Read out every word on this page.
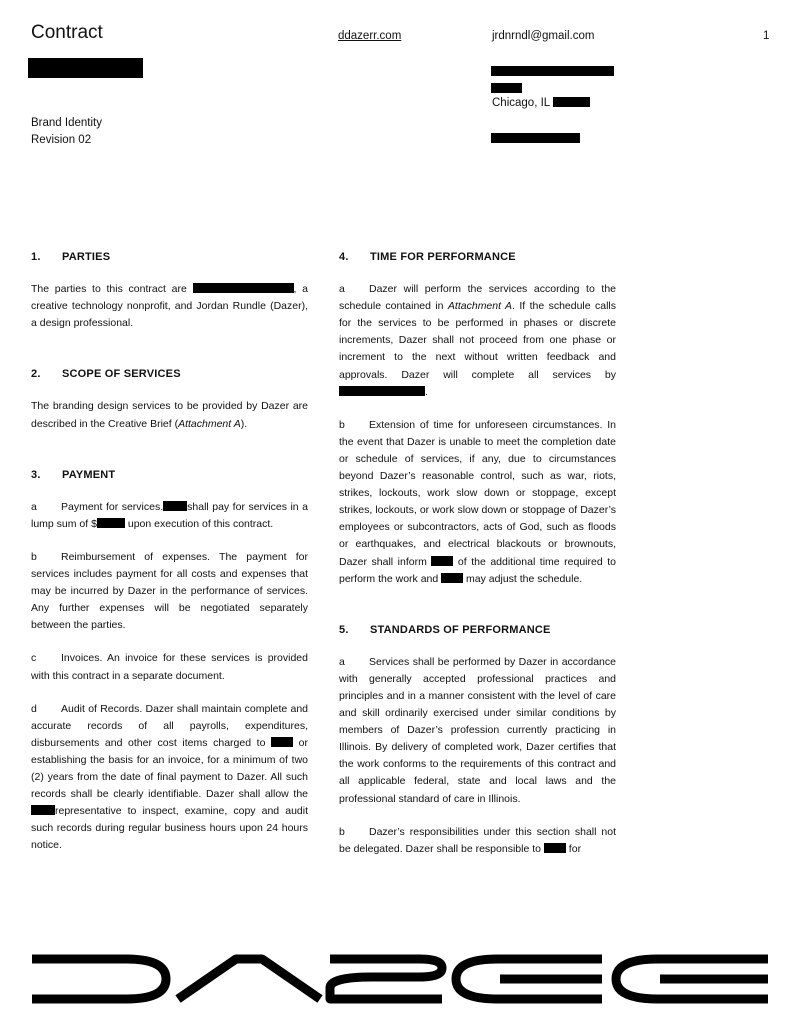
Contract	ddazerr.com	jrdnrndl@gmail.com	1
Chicago, IL
Brand Identity
Revision 02
1. PARTIES

The parties to this contract are	, a creative technology nonprofit, and Jordan Rundle (Dazer), a design professional.

2. SCOPE OF SERVICES

The branding design services to be provided by Dazer are described in the Creative Brief (Attachment A).

3. PAYMENT

a Payment for services. shall pay for services in a lump sum of $	upon execution of this contract.

b Reimbursement of expenses. The payment for services includes payment for all costs and expenses that may be incurred by Dazer in the performance of services. Any further expenses will be negotiated separately between the parties.

c Invoices. An invoice for these services is provided with this contract in a separate document.

d Audit of Records. Dazer shall maintain complete and accurate records of all payrolls, expenditures, disbursements and other cost items charged to	or establishing the basis for an invoice, for a minimum of two (2) years from the date of final payment to Dazer. All such records shall be clearly identifiable. Dazer shall allow the representative to inspect, examine, copy and audit such records during regular business hours upon 24 hours notice.

4. TIME FOR PERFORMANCE

a Dazer will perform the services according to the schedule contained in Attachment A. If the schedule calls for the services to be performed in phases or discrete increments, Dazer shall not proceed from one phase or increment to the next without written feedback and approvals. Dazer will complete all services by .

b Extension of time for unforeseen circumstances. In the event that Dazer is unable to meet the completion date or schedule of services, if any, due to circumstances beyond Dazer’s reasonable control, such as war, riots, strikes, lockouts, work slow down or stoppage, except strikes, lockouts, or work slow down or stoppage of Dazer’s employees or subcontractors, acts of God, such as floods or earthquakes, and electrical blackouts or brownouts, Dazer shall inform	of the additional time required to perform the work and  may adjust the schedule.

5. STANDARDS OF PERFORMANCE

a Services shall be performed by Dazer in accordance with generally accepted professional practices and principles and in a manner consistent with the level of care and skill ordinarily exercised under similar conditions by members of Dazer’s profession currently practicing in Illinois. By delivery of completed work, Dazer certifies that the work conforms to the requirements of this contract and all applicable federal, state and local laws and the professional standard of care in Illinois.

b Dazer’s responsibilities under this section shall not be delegated. Dazer shall be responsible to  for
